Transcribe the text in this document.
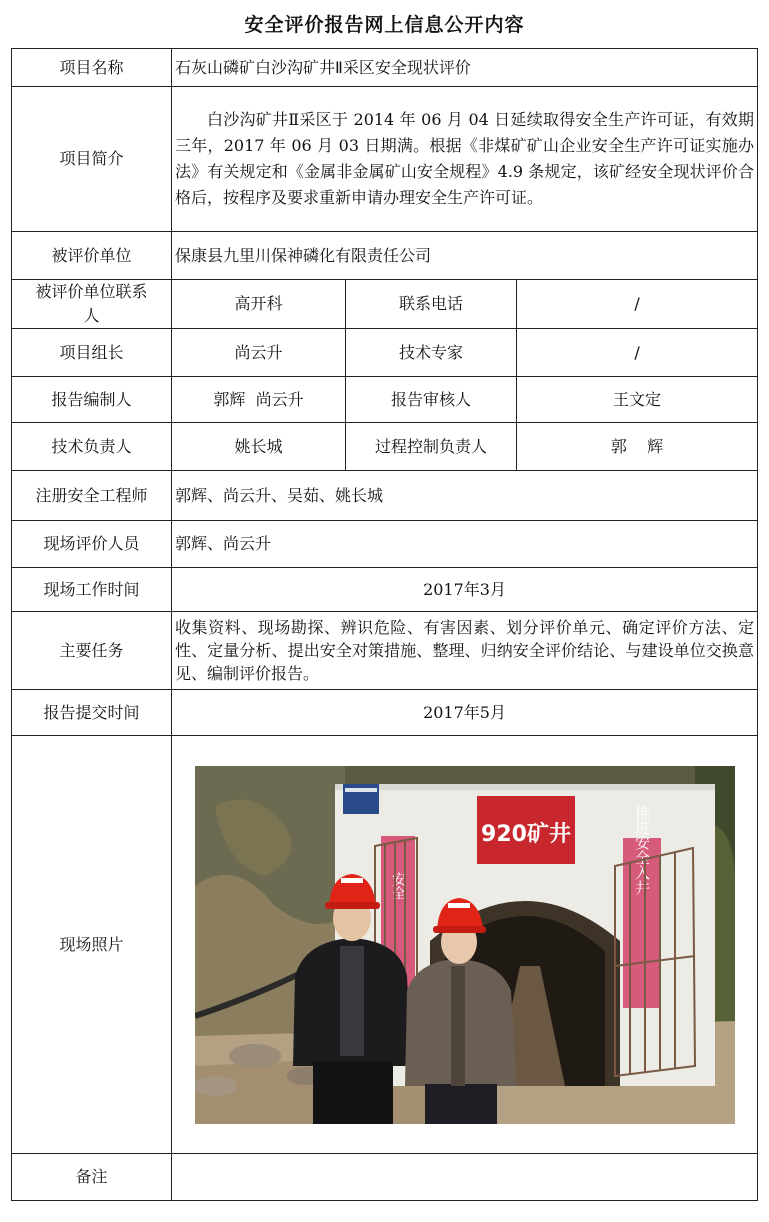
安全评价报告网上信息公开内容
项目名称	石灰山磷矿白沙沟矿井Ⅱ采区安全现状评价		
项目简介	白沙沟矿井Ⅱ采区于 2014 年 06 月 04 日延续取得安全生产许可证，有效期三年，2017 年 06 月 03 日期满。根据《非煤矿矿山企业安全生产许可证实施办法》有关规定和《金属非金属矿山安全规程》4.9 条规定，该矿经安全现状评价合格后，按程序及要求重新申请办理安全生产许可证。		

被评价单位	保康县九里川保神磷化有限责任公司		
被评价单位联系人	高开科	联系电话	/
项目组长	尚云升	技术专家	/
报告编制人	郭辉  尚云升	报告审核人	王文定
技术负责人	姚长城	过程控制负责人	郭    辉
注册安全工程师	郭辉、尚云升、吴茹、姚长城		
现场评价人员	郭辉、尚云升		
现场工作时间	2017年3月		
主要任务	收集资料、现场勘探、辨识危险、有害因素、划分评价单元、确定评价方法、定性、定量分析、提出安全对策措施、整理、归纳安全评价结论、与建设单位交换意见、编制评价报告。		
报告提交时间	2017年5月		
现场照片	920矿井
安全 推进安全入井		

备注			
